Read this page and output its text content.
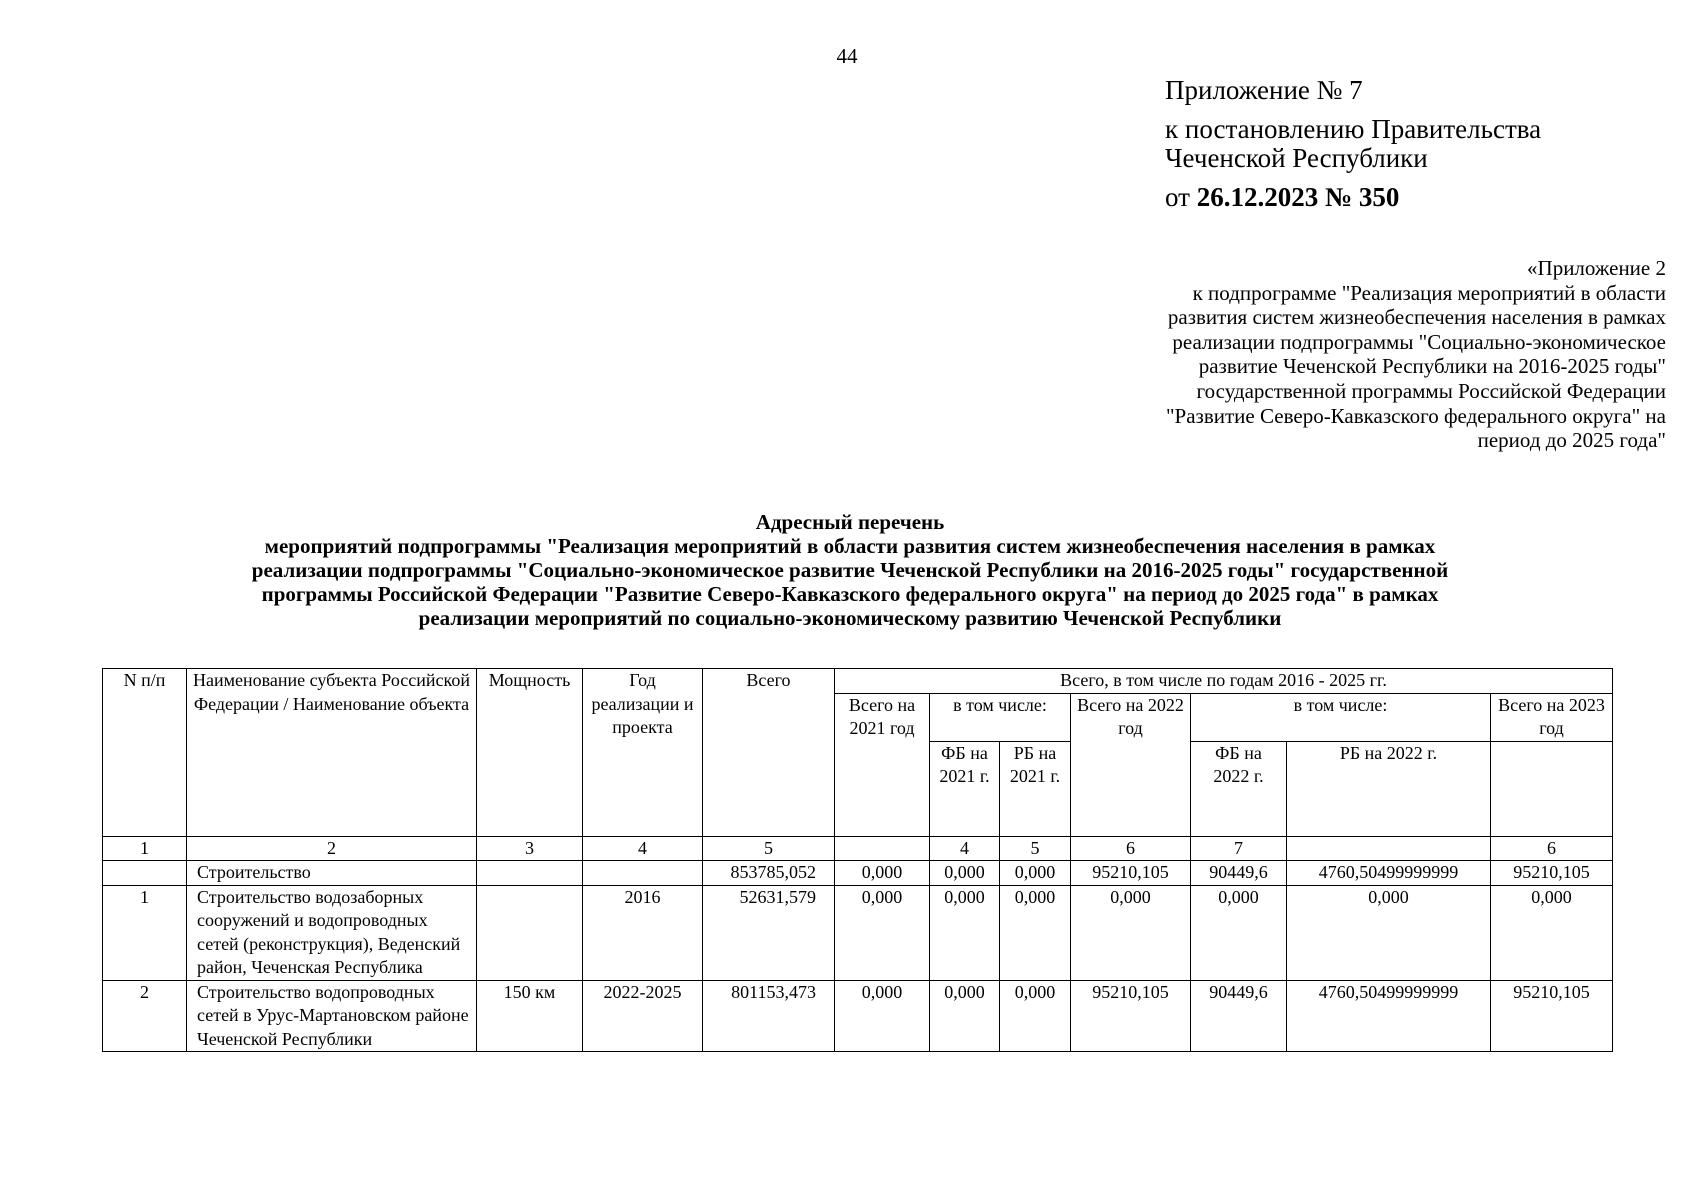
44
Приложение № 7
к постановлению Правительства
Чеченской Республики
от 26.12.2023 № 350
«Приложение 2
к подпрограмме "Реализация мероприятий в области
развития систем жизнеобеспечения населения в рамках
реализации подпрограммы "Социально-экономическое
развитие Чеченской Республики на 2016-2025 годы"
государственной программы Российской Федерации
"Развитие Северо-Кавказского федерального округа" на
период до 2025 года"
Адресный перечень
мероприятий подпрограммы "Реализация мероприятий в области развития систем жизнеобеспечения населения в рамках
реализации подпрограммы "Социально-экономическое развитие Чеченской Республики на 2016-2025 годы" государственной
программы Российской Федерации "Развитие Северо-Кавказского федерального округа" на период до 2025 года" в рамках
реализации мероприятий по социально-экономическому развитию Чеченской Республики
N п/п	Наименование субъекта Российской Федерации / Наименование объекта	Мощность	Год реализации и проекта	Всего	Всего, в том числе по годам 2016 - 2025 гг.						
					Всего на 2021 год	в том числе:		Всего на 2022 год	в том числе:		Всего на 2023 год
						ФБ на 2021 г.	РБ на 2021 г.		ФБ на 2022 г.	РБ на 2022 г.	
1	2	3	4	5		4	5	6	7		6
	Строительство			853785,052	0,000	0,000	0,000	95210,105	90449,6	4760,50499999999	95210,105
1	Строительство водозаборных сооружений и водопроводных сетей (реконструкция), Веденский район, Чеченская Республика		2016	52631,579	0,000	0,000	0,000	0,000	0,000	0,000	0,000
2	Строительство водопроводных сетей в Урус-Мартановском районе Чеченской Республики	150 км	2022-2025	801153,473	0,000	0,000	0,000	95210,105	90449,6	4760,50499999999	95210,105
